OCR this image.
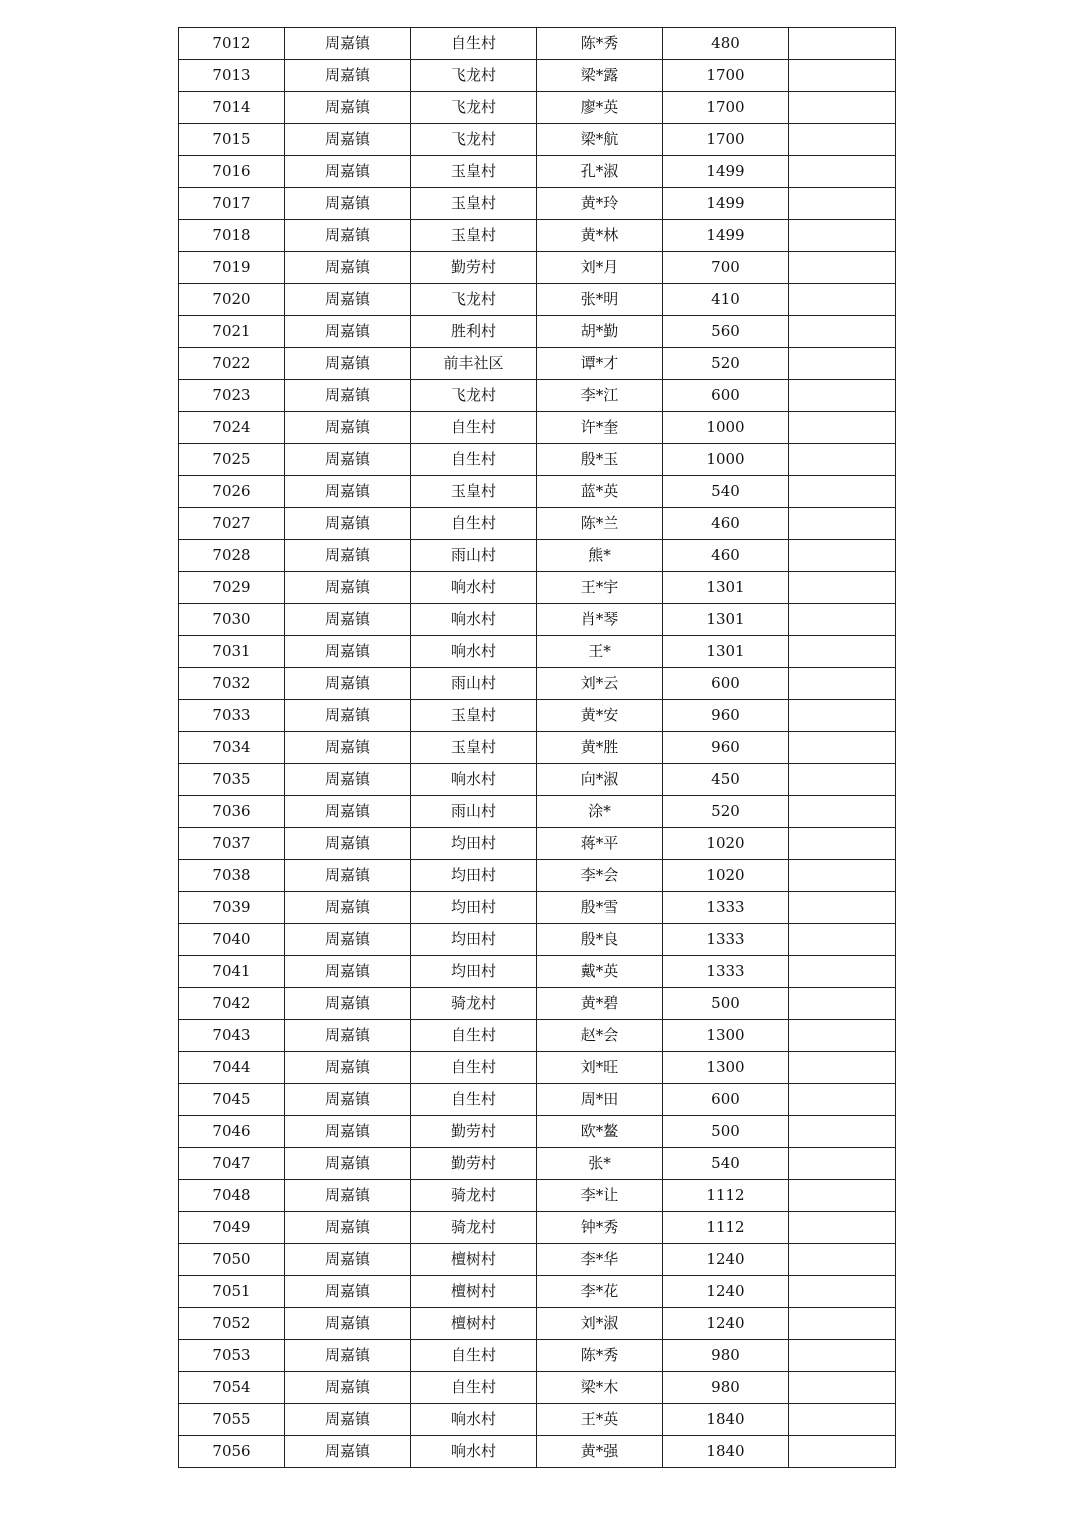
7012	周嘉镇	自生村	陈*秀	480	
7013	周嘉镇	飞龙村	梁*露	1700	
7014	周嘉镇	飞龙村	廖*英	1700	
7015	周嘉镇	飞龙村	梁*航	1700	
7016	周嘉镇	玉皇村	孔*淑	1499	
7017	周嘉镇	玉皇村	黄*玲	1499	
7018	周嘉镇	玉皇村	黄*林	1499	
7019	周嘉镇	勤劳村	刘*月	700	
7020	周嘉镇	飞龙村	张*明	410	
7021	周嘉镇	胜利村	胡*勤	560	
7022	周嘉镇	前丰社区	谭*才	520	
7023	周嘉镇	飞龙村	李*江	600	
7024	周嘉镇	自生村	许*奎	1000	
7025	周嘉镇	自生村	殷*玉	1000	
7026	周嘉镇	玉皇村	蓝*英	540	
7027	周嘉镇	自生村	陈*兰	460	
7028	周嘉镇	雨山村	熊*	460	
7029	周嘉镇	响水村	王*宇	1301	
7030	周嘉镇	响水村	肖*琴	1301	
7031	周嘉镇	响水村	王*	1301	
7032	周嘉镇	雨山村	刘*云	600	
7033	周嘉镇	玉皇村	黄*安	960	
7034	周嘉镇	玉皇村	黄*胜	960	
7035	周嘉镇	响水村	向*淑	450	
7036	周嘉镇	雨山村	涂*	520	
7037	周嘉镇	均田村	蒋*平	1020	
7038	周嘉镇	均田村	李*会	1020	
7039	周嘉镇	均田村	殷*雪	1333	
7040	周嘉镇	均田村	殷*良	1333	
7041	周嘉镇	均田村	戴*英	1333	
7042	周嘉镇	骑龙村	黄*碧	500	
7043	周嘉镇	自生村	赵*会	1300	
7044	周嘉镇	自生村	刘*旺	1300	
7045	周嘉镇	自生村	周*田	600	
7046	周嘉镇	勤劳村	欧*鳌	500	
7047	周嘉镇	勤劳村	张*	540	
7048	周嘉镇	骑龙村	李*让	1112	
7049	周嘉镇	骑龙村	钟*秀	1112	
7050	周嘉镇	檀树村	李*华	1240	
7051	周嘉镇	檀树村	李*花	1240	
7052	周嘉镇	檀树村	刘*淑	1240	
7053	周嘉镇	自生村	陈*秀	980	
7054	周嘉镇	自生村	梁*木	980	
7055	周嘉镇	响水村	王*英	1840	
7056	周嘉镇	响水村	黄*强	1840	
